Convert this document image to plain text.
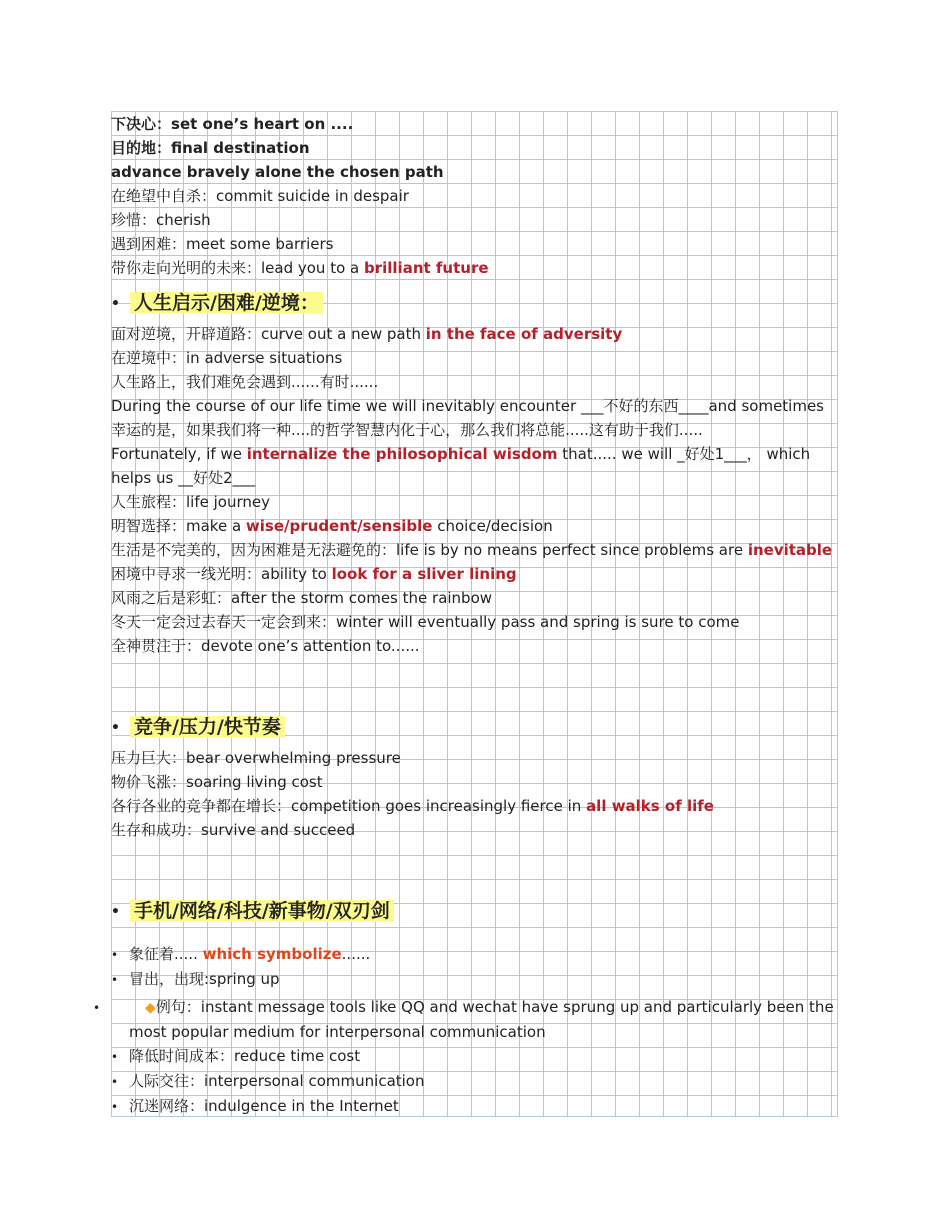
下决心：set one’s heart on ....
目的地：final destination
advance bravely alone the chosen path
在绝望中自杀：commit suicide in despair
珍惜：cherish
遇到困难：meet some barriers
带你走向光明的未来：lead you to a brilliant future
• 人生启示/困难/逆境：
面对逆境，开辟道路：curve out a new path in the face of adversity
在逆境中：in adverse situations
人生路上，我们难免会遇到......有时......
During the course of our life time we will inevitably encounter ___不好的东西____and sometimes
幸运的是，如果我们将一种....的哲学智慧内化于心，那么我们将总能.....这有助于我们.....
Fortunately, if we internalize the philosophical wisdom that..... we will _好处1___， which helps us __好处2___
人生旅程：life journey
明智选择：make a wise/prudent/sensible choice/decision
生活是不完美的，因为困难是无法避免的：life is by no means perfect since problems are inevitable
困境中寻求一线光明：ability to look for a sliver lining
风雨之后是彩虹：after the storm comes the rainbow
冬天一定会过去春天一定会到来：winter will eventually pass and spring is sure to come
全神贯注于：devote one’s attention to......
• 竞争/压力/快节奏
压力巨大：bear overwhelming pressure
物价飞涨：soaring living cost
各行各业的竞争都在增长：competition goes increasingly fierce in all walks of life
生存和成功：survive and succeed
• 手机/网络/科技/新事物/双刃剑
• 象征着..... which symbolize......
• 冒出，出现:spring up
•	◆例句：instant message tools like QQ and wechat have sprung up and particularly been the most popular medium for interpersonal communication
• 降低时间成本：reduce time cost
• 人际交往：interpersonal communication
• 沉迷网络：indulgence in the Internet
